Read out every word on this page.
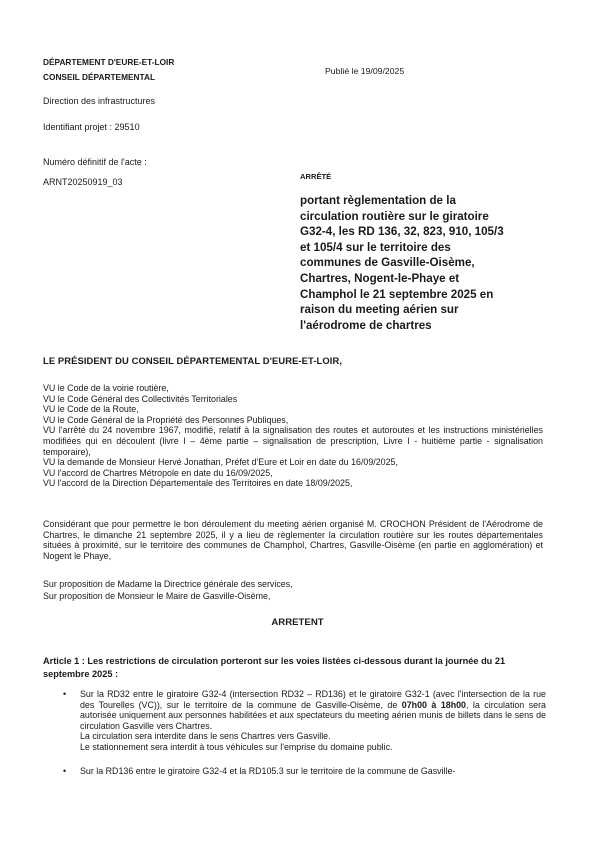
DÉPARTEMENT D'EURE-ET-LOIR
CONSEIL DÉPARTEMENTAL
Publié le 19/09/2025
Direction des infrastructures
Identifiant projet : 29510
Numéro définitif de l'acte :
ARNT20250919_03
ARRÊTÉ
portant règlementation de la
circulation routière sur le giratoire
G32-4, les RD 136, 32, 823, 910, 105/3
et 105/4 sur le territoire des
communes de Gasville-Oisème,
Chartres, Nogent-le-Phaye et
Champhol le 21 septembre 2025 en
raison du meeting aérien sur
l'aérodrome de chartres
LE PRÉSIDENT DU CONSEIL DÉPARTEMENTAL D'EURE-ET-LOIR,

VU le Code de la voirie routière,

VU le Code Général des Collectivités Territoriales

VU le Code de la Route,

VU le Code Général de la Propriété des Personnes Publiques,

VU l'arrêté du 24 novembre 1967, modifié, relatif à la signalisation des routes et autoroutes et les instructions ministérielles modifiées qui en découlent (livre I – 4ème partie – signalisation de prescription, Livre I - huitième partie - signalisation temporaire),

VU la demande de Monsieur Hervé Jonathan, Préfet d'Eure et Loir en date du 16/09/2025,

VU l'accord de Chartres Métropole en date du 16/09/2025,

VU l'accord de la Direction Départementale des Territoires en date 18/09/2025,

Considérant que pour permettre le bon déroulement du meeting aérien organisé M. CROCHON Président de l'Aérodrome de Chartres, le dimanche 21 septembre 2025, il y a lieu de règlementer la circulation routière sur les routes départementales situées à proximité, sur le territoire des communes de Champhol, Chartres, Gasville-Oisème (en partie en agglomération) et Nogent le Phaye,

Sur proposition de Madame la Directrice générale des services,

Sur proposition de Monsieur le Maire de Gasville-Oisème,

ARRETENT

Article 1 : Les restrictions de circulation porteront sur les voies listées ci-dessous durant la journée du 21 septembre 2025 :

• Sur la RD32 entre le giratoire G32-4 (intersection RD32 – RD136) et le giratoire G32-1 (avec l'intersection de la rue des Tourelles (VC)), sur le territoire de la commune de Gasville-Oisème, de 07h00 à 18h00, la circulation sera autorisée uniquement aux personnes habilitées et aux spectateurs du meeting aérien munis de billets dans le sens de circulation Gasville vers Chartres.
La circulation sera interdite dans le sens Chartres vers Gasville.
Le stationnement sera interdit à tous véhicules sur l'emprise du domaine public.
• Sur la RD136 entre le giratoire G32-4 et la RD105.3 sur le territoire de la commune de Gasville-
